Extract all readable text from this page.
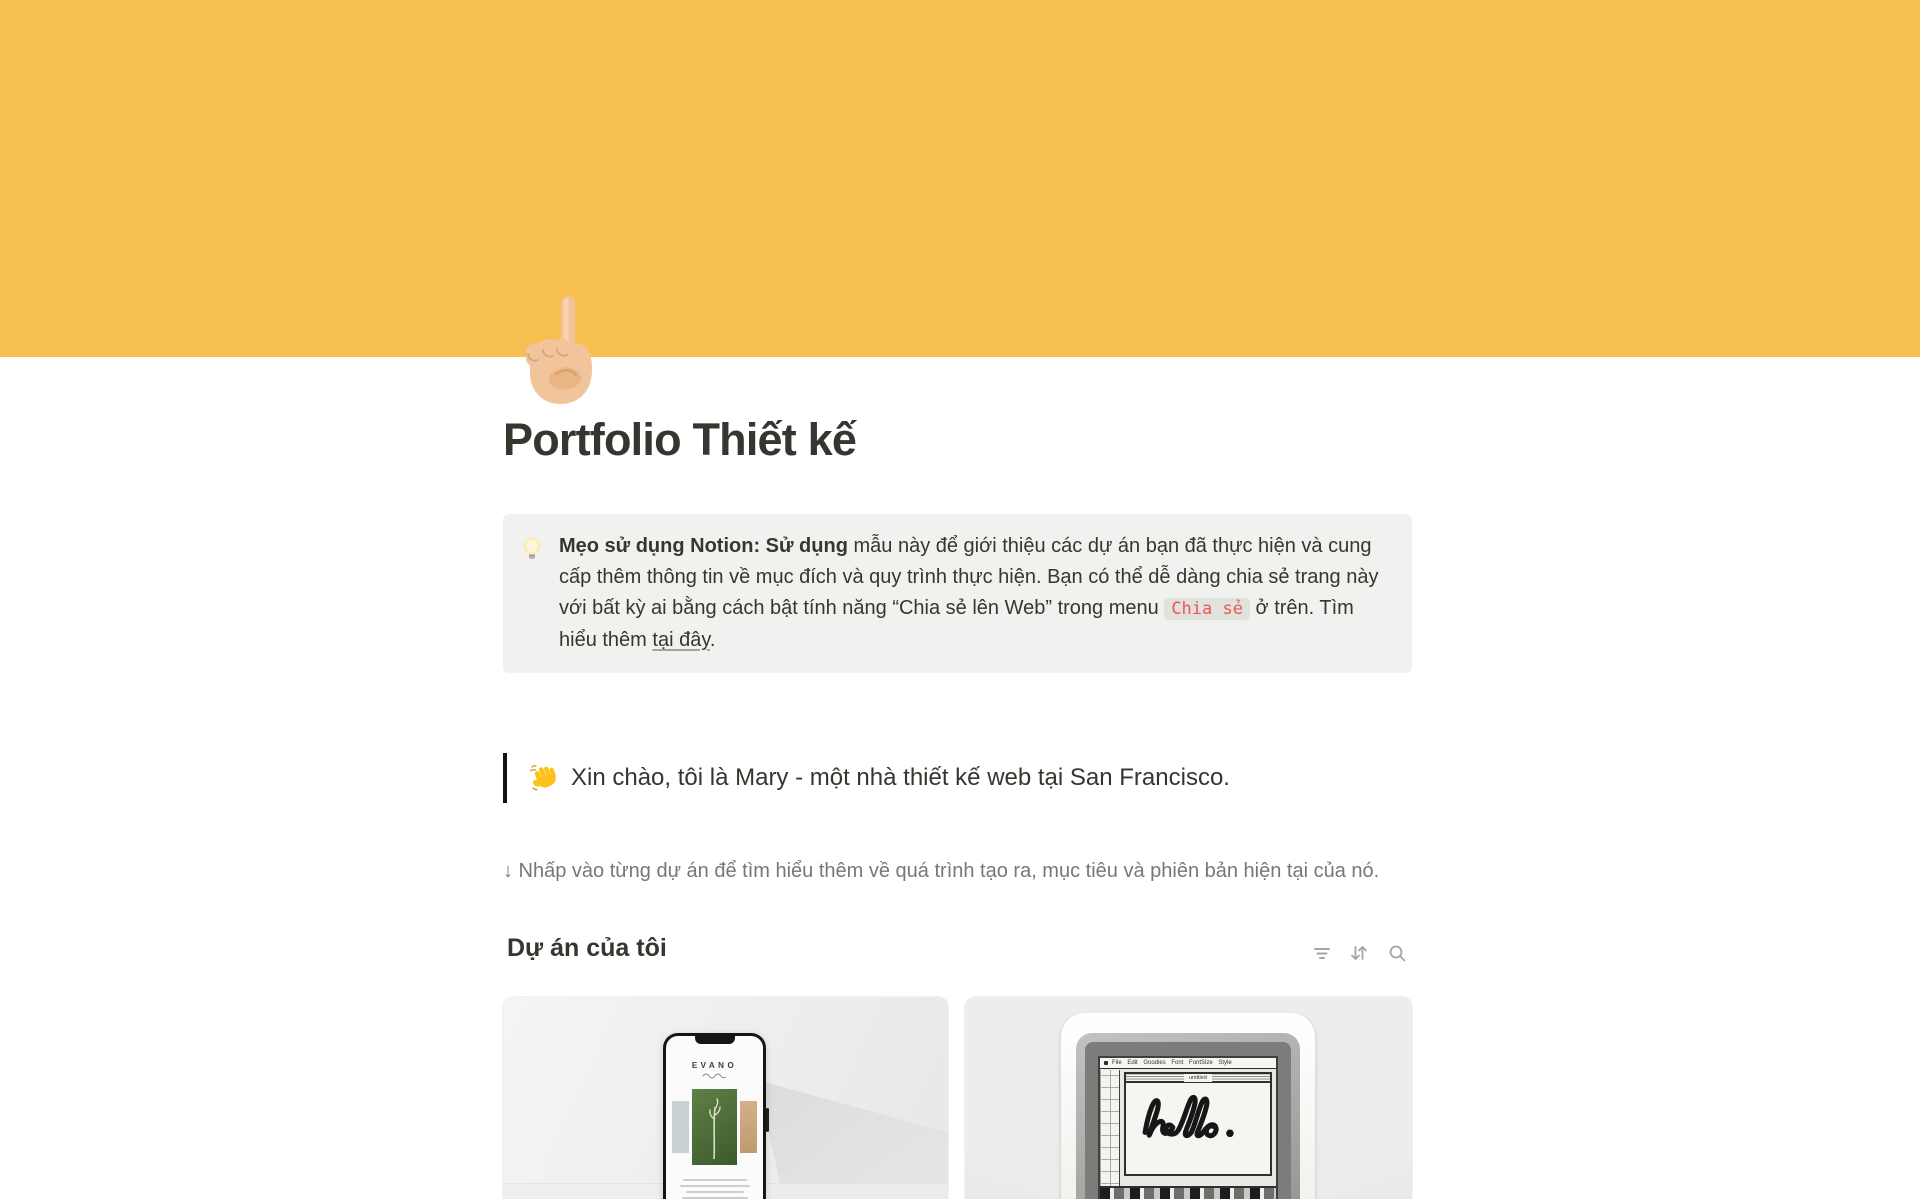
Portfolio Thiết kế

Mẹo sử dụng Notion: Sử dụng mẫu này để giới thiệu các dự án bạn đã thực hiện và cung cấp thêm thông tin về mục đích và quy trình thực hiện. Bạn có thể dễ dàng chia sẻ trang này với bất kỳ ai bằng cách bật tính năng “Chia sẻ lên Web” trong menu Chia sẻ ở trên. Tìm hiểu thêm tại đây.

Xin chào, tôi là Mary - một nhà thiết kế web tại San Francisco.

↓ Nhấp vào từng dự án để tìm hiểu thêm về quá trình tạo ra, mục tiêu và phiên bản hiện tại của nó.

Dự án của tôi
EVANO	File Edit Goodies Font FontSize Style
untitled
